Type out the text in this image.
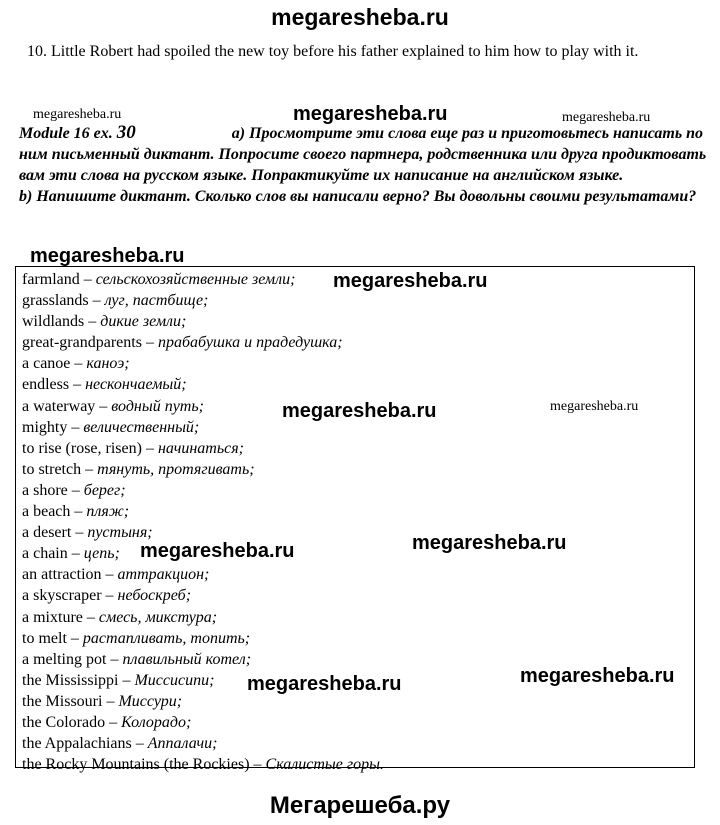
megaresheba.ru
10. Little Robert had spoiled the new toy before his father explained to him how to play with it.
megaresheba.ru	megaresheba.ru	megaresheba.ru
Module 16 ex. 30	a) Просмотрите эти слова еще раз и приготовьтесь написать по ним письменный диктант. Попросите своего партнера, родственника или друга продиктовать вам эти слова на русском языке. Попрактикуйте их написание на английском языке.
b) Напишите диктант. Сколько слов вы написали верно? Вы довольны своими результатами?
megaresheba.ru
farmland – сельскохозяйственные земли;
grasslands – луг, пастбище;
wildlands – дикие земли;
great-grandparents – прабабушка и прадедушка;
a canoe – каноэ;
endless – нескончаемый;
a waterway – водный путь;
mighty – величественный;
to rise (rose, risen) – начинаться;
to stretch – тянуть, протягивать;
a shore – берег;
a beach – пляж;
a desert – пустыня;
a chain – цепь;
an attraction – аттракцион;
a skyscraper – небоскреб;
a mixture – смесь, микстура;
to melt – растапливать, топить;
a melting pot – плавильный котел;
the Mississippi – Миссисипи;
the Missouri – Миссури;
the Colorado – Колорадо;
the Appalachians – Аппалачи;
the Rocky Mountains (the Rockies) – Скалистые горы.
megaresheba.ru
megaresheba.ru	megaresheba.ru
megaresheba.ru
megaresheba.ru
megaresheba.ru
megaresheba.ru
Мегарешеба.ру
